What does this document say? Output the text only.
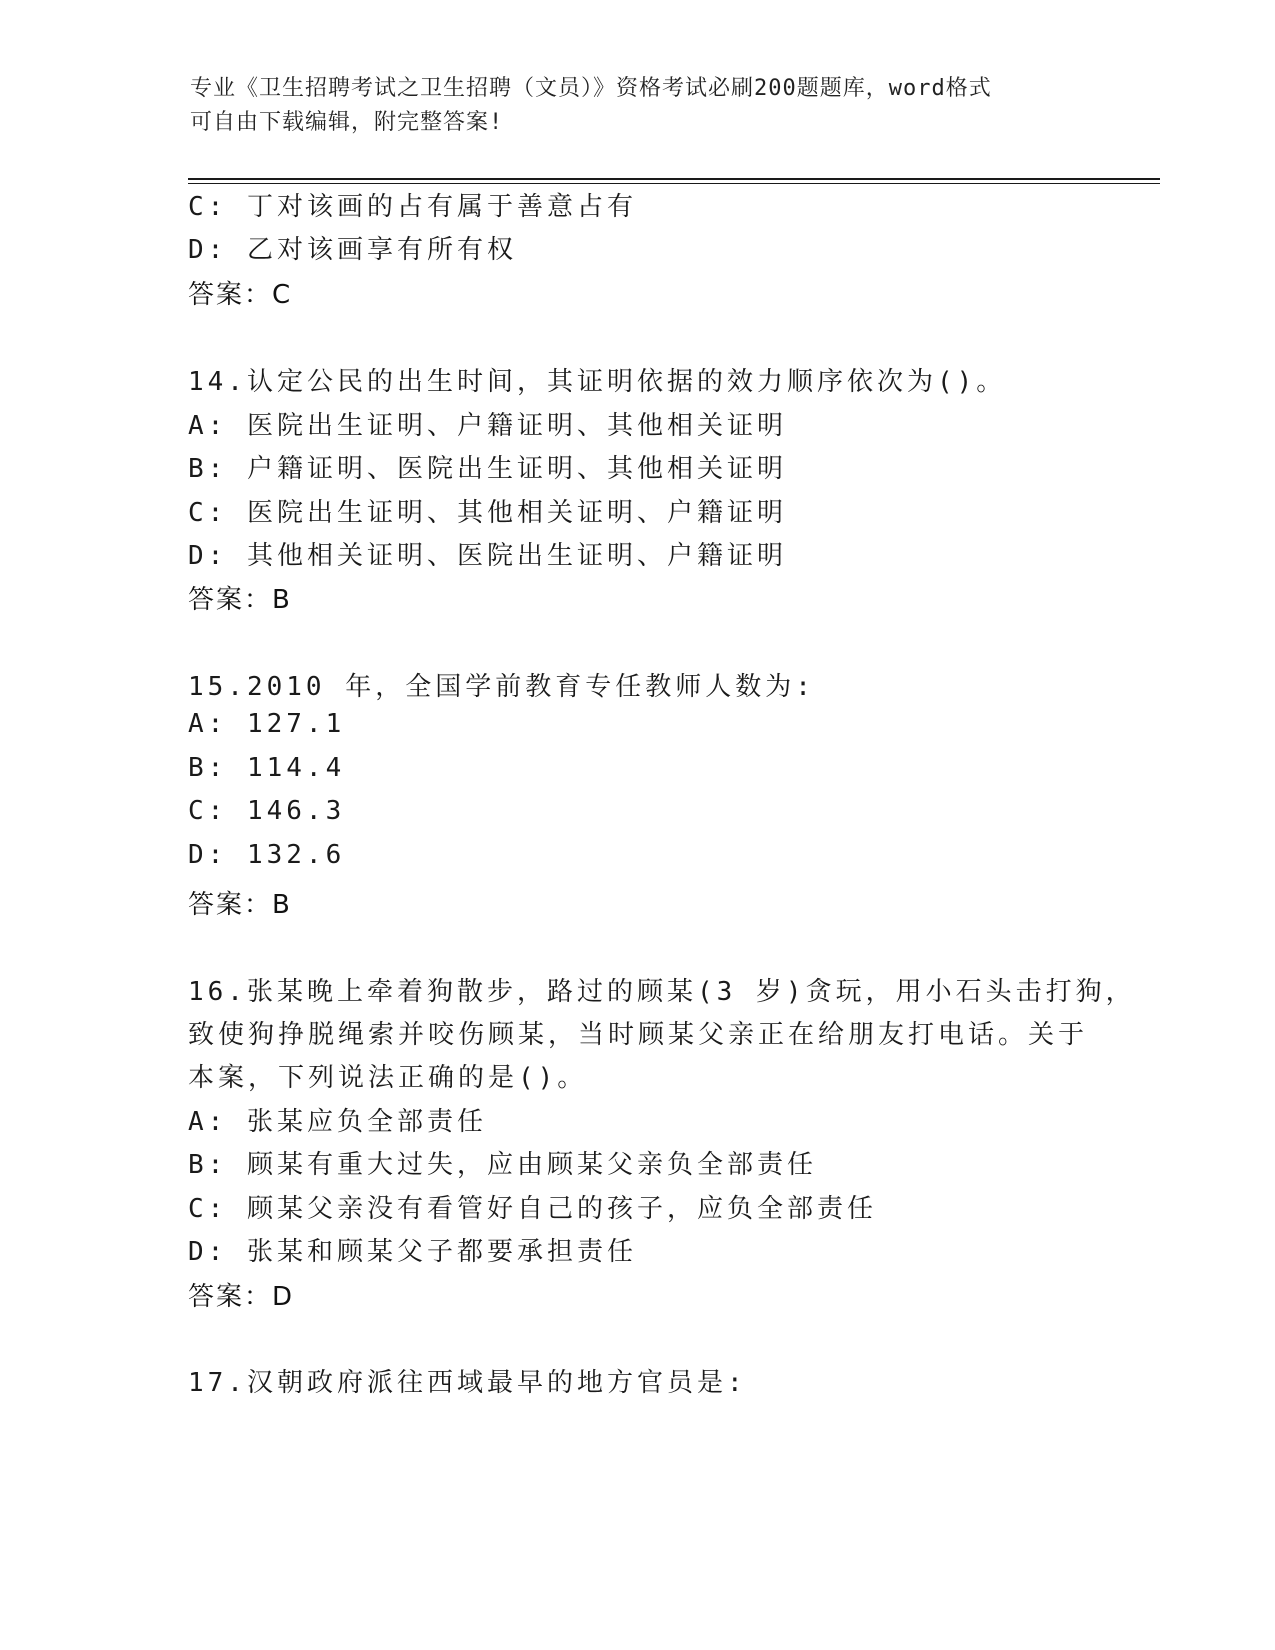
专业《卫生招聘考试之卫生招聘（文员）》资格考试必刷200题题库，word格式
可自由下载编辑，附完整答案!
C: 丁对该画的占有属于善意占有
D: 乙对该画享有所有权
答案：C
14.认定公民的出生时间，其证明依据的效力顺序依次为()。
A: 医院出生证明、户籍证明、其他相关证明
B: 户籍证明、医院出生证明、其他相关证明
C: 医院出生证明、其他相关证明、户籍证明
D: 其他相关证明、医院出生证明、户籍证明
答案：B
15.2010 年，全国学前教育专任教师人数为:
A: 127.1
B: 114.4
C: 146.3
D: 132.6
答案：B
16.张某晚上牵着狗散步，路过的顾某(3 岁)贪玩，用小石头击打狗，
致使狗挣脱绳索并咬伤顾某，当时顾某父亲正在给朋友打电话。关于
本案，下列说法正确的是()。
A: 张某应负全部责任
B: 顾某有重大过失，应由顾某父亲负全部责任
C: 顾某父亲没有看管好自己的孩子，应负全部责任
D: 张某和顾某父子都要承担责任
答案：D
17.汉朝政府派往西域最早的地方官员是:
